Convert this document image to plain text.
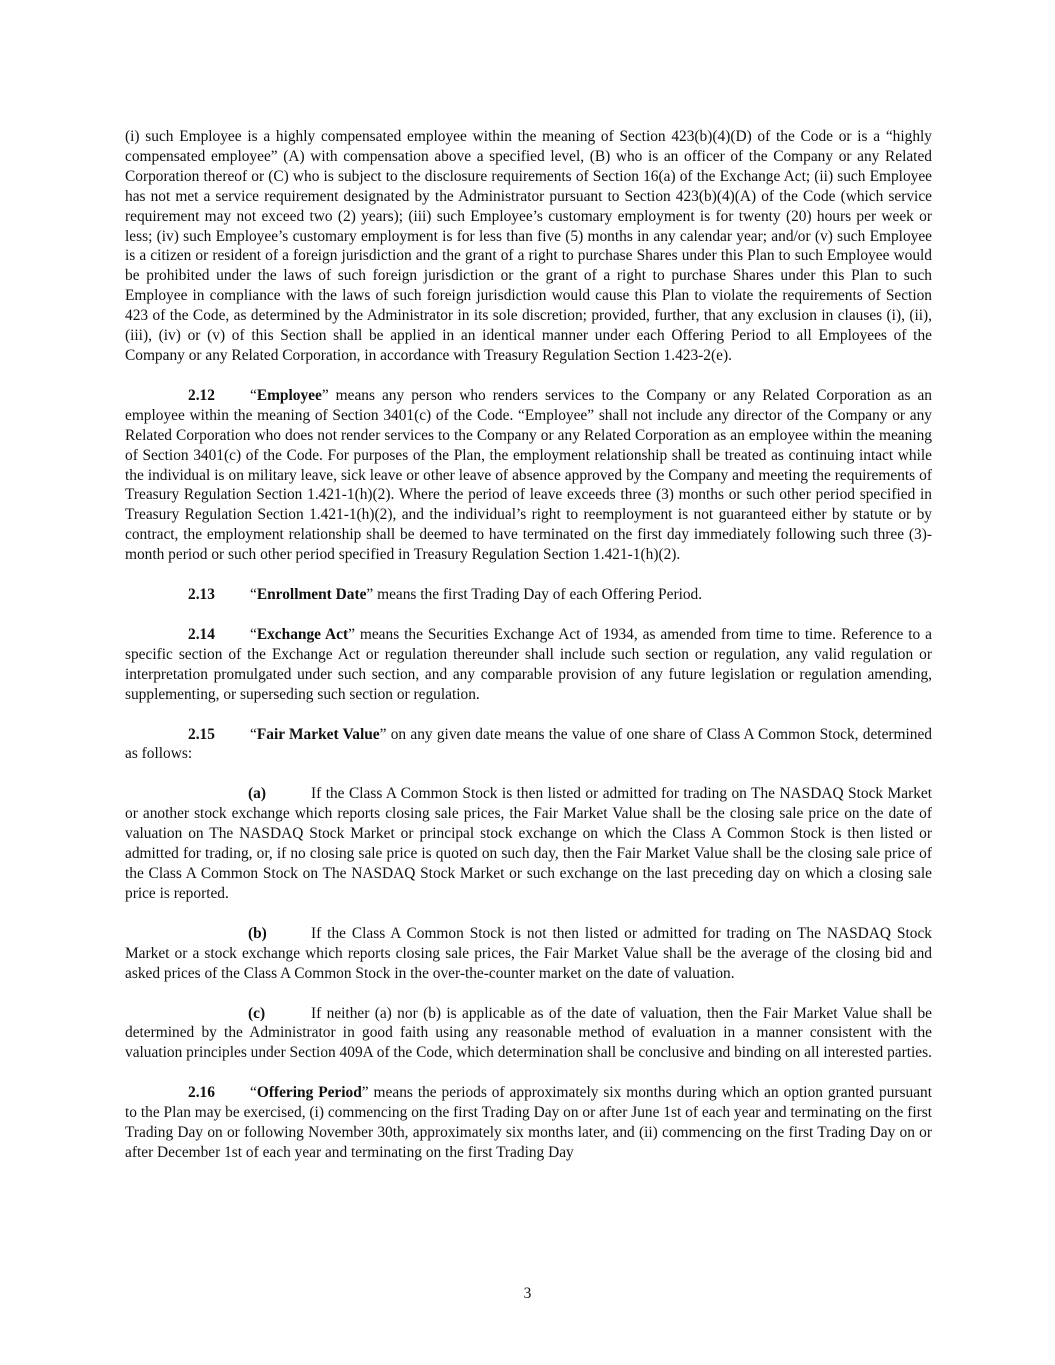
(i) such Employee is a highly compensated employee within the meaning of Section 423(b)(4)(D) of the Code or is a “highly compensated employee” (A) with compensation above a specified level, (B) who is an officer of the Company or any Related Corporation thereof or (C) who is subject to the disclosure requirements of Section 16(a) of the Exchange Act; (ii) such Employee has not met a service requirement designated by the Administrator pursuant to Section 423(b)(4)(A) of the Code (which service requirement may not exceed two (2) years); (iii) such Employee’s customary employment is for twenty (20) hours per week or less; (iv) such Employee’s customary employment is for less than five (5) months in any calendar year; and/or (v) such Employee is a citizen or resident of a foreign jurisdiction and the grant of a right to purchase Shares under this Plan to such Employee would be prohibited under the laws of such foreign jurisdiction or the grant of a right to purchase Shares under this Plan to such Employee in compliance with the laws of such foreign jurisdiction would cause this Plan to violate the requirements of Section 423 of the Code, as determined by the Administrator in its sole discretion; provided, further, that any exclusion in clauses (i), (ii), (iii), (iv) or (v) of this Section shall be applied in an identical manner under each Offering Period to all Employees of the Company or any Related Corporation, in accordance with Treasury Regulation Section 1.423-2(e).

2.12 “Employee” means any person who renders services to the Company or any Related Corporation as an employee within the meaning of Section 3401(c) of the Code. “Employee” shall not include any director of the Company or any Related Corporation who does not render services to the Company or any Related Corporation as an employee within the meaning of Section 3401(c) of the Code. For purposes of the Plan, the employment relationship shall be treated as continuing intact while the individual is on military leave, sick leave or other leave of absence approved by the Company and meeting the requirements of Treasury Regulation Section 1.421-1(h)(2). Where the period of leave exceeds three (3) months or such other period specified in Treasury Regulation Section 1.421-1(h)(2), and the individual’s right to reemployment is not guaranteed either by statute or by contract, the employment relationship shall be deemed to have terminated on the first day immediately following such three (3)-month period or such other period specified in Treasury Regulation Section 1.421-1(h)(2).

2.13 “Enrollment Date” means the first Trading Day of each Offering Period.

2.14 “Exchange Act” means the Securities Exchange Act of 1934, as amended from time to time. Reference to a specific section of the Exchange Act or regulation thereunder shall include such section or regulation, any valid regulation or interpretation promulgated under such section, and any comparable provision of any future legislation or regulation amending, supplementing, or superseding such section or regulation.

2.15 “Fair Market Value” on any given date means the value of one share of Class A Common Stock, determined as follows:

(a)	If the Class A Common Stock is then listed or admitted for trading on The NASDAQ Stock Market or another stock exchange which reports closing sale prices, the Fair Market Value shall be the closing sale price on the date of valuation on The NASDAQ Stock Market or principal stock exchange on which the Class A Common Stock is then listed or admitted for trading, or, if no closing sale price is quoted on such day, then the Fair Market Value shall be the closing sale price of the Class A Common Stock on The NASDAQ Stock Market or such exchange on the last preceding day on which a closing sale price is reported.

(b)	If the Class A Common Stock is not then listed or admitted for trading on The NASDAQ Stock Market or a stock exchange which reports closing sale prices, the Fair Market Value shall be the average of the closing bid and asked prices of the Class A Common Stock in the over-the-counter market on the date of valuation.

(c)	If neither (a) nor (b) is applicable as of the date of valuation, then the Fair Market Value shall be determined by the Administrator in good faith using any reasonable method of evaluation in a manner consistent with the valuation principles under Section 409A of the Code, which determination shall be conclusive and binding on all interested parties.

2.16 “Offering Period” means the periods of approximately six months during which an option granted pursuant to the Plan may be exercised, (i) commencing on the first Trading Day on or after June 1st of each year and terminating on the first Trading Day on or following November 30th, approximately six months later, and (ii) commencing on the first Trading Day on or after December 1st of each year and terminating on the first Trading Day

3
